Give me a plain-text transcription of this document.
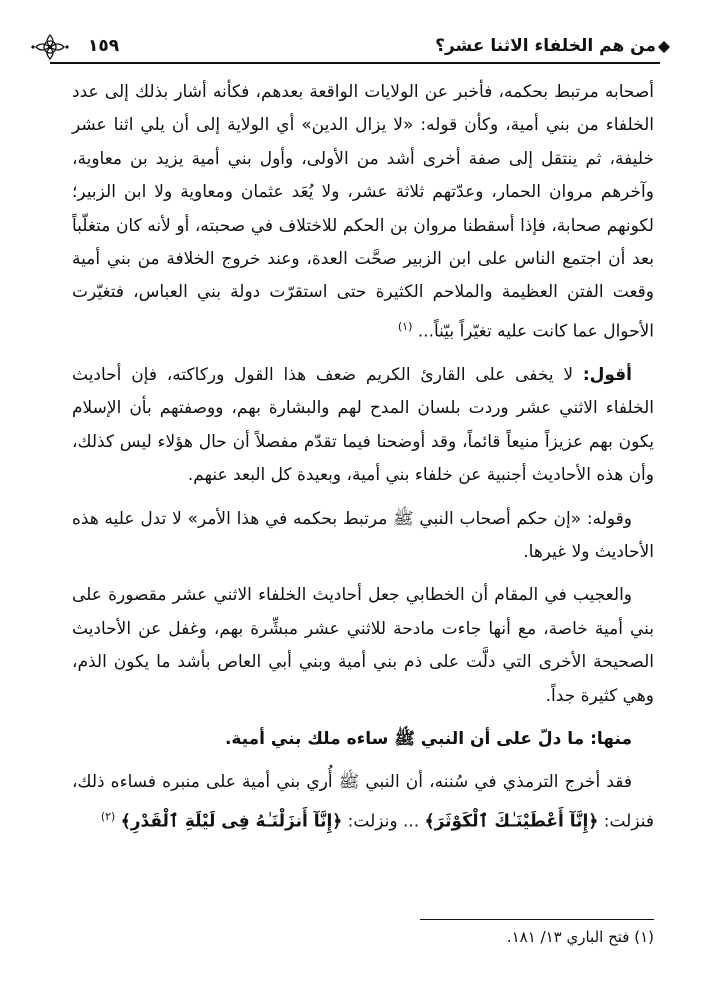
١٥٩	من هم الخلفاء الاثنا عشر؟

أصحابه مرتبط بحكمه، فأخبر عن الولايات الواقعة بعدهم، فكأنه أشار بذلك إلى عدد الخلفاء من بني أمية، وكأن قوله: «لا يزال الدين» أي الولاية إلى أن يلي اثنا عشر خليفة، ثم ينتقل إلى صفة أخرى أشد من الأولى، وأول بني أمية يزيد بن معاوية، وآخرهم مروان الحمار، وعدّتهم ثلاثة عشر، ولا يُعَد عثمان ومعاوية ولا ابن الزبير؛ لكونهم صحابة، فإذا أسقطنا مروان بن الحكم للاختلاف في صحبته، أو لأنه كان متغلّباً بعد أن اجتمع الناس على ابن الزبير صحَّت العدة، وعند خروج الخلافة من بني أمية وقعت الفتن العظيمة والملاحم الكثيرة حتى استقرّت دولة بني العباس، فتغيّرت الأحوال عما كانت عليه تغيّراً بيّناً... $^{(١)}$

أقول: لا يخفى على القارئ الكريم ضعف هذا القول وركاكته، فإن أحاديث الخلفاء الاثني عشر وردت بلسان المدح لهم والبشارة بهم، ووصفتهم بأن الإسلام يكون بهم عزيزاً منيعاً قائماً، وقد أوضحنا فيما تقدّم مفصلاً أن حال هؤلاء ليس كذلك، وأن هذه الأحاديث أجنبية عن خلفاء بني أمية، وبعيدة كل البعد عنهم.

وقوله: «إن حكم أصحاب النبي ﷺ مرتبط بحكمه في هذا الأمر» لا تدل عليه هذه الأحاديث ولا غيرها.

والعجيب في المقام أن الخطابي جعل أحاديث الخلفاء الاثني عشر مقصورة على بني أمية خاصة، مع أنها جاءت مادحة للاثني عشر مبشِّرة بهم، وغفل عن الأحاديث الصحيحة الأخرى التي دلَّت على ذم بني أمية وبني أبي العاص بأشد ما يكون الذم، وهي كثيرة جداً.

منها: ما دلّ على أن النبي ﷺ ساءه ملك بني أمية.

فقد أخرج الترمذي في سُننه، أن النبي ﷺ أُري بني أمية على منبره فساءه ذلك، فنزلت: ﴿إِنَّآ أَعْطَيْنَـٰكَ ٱلْكَوْثَرَ﴾ ... ونزلت: ﴿إِنَّآ أَنزَلْنَـٰهُ فِى لَيْلَةِ ٱلْقَدْرِ﴾ $^{(٢)}$

(١) فتح الباري ١٣/ ١٨١.
